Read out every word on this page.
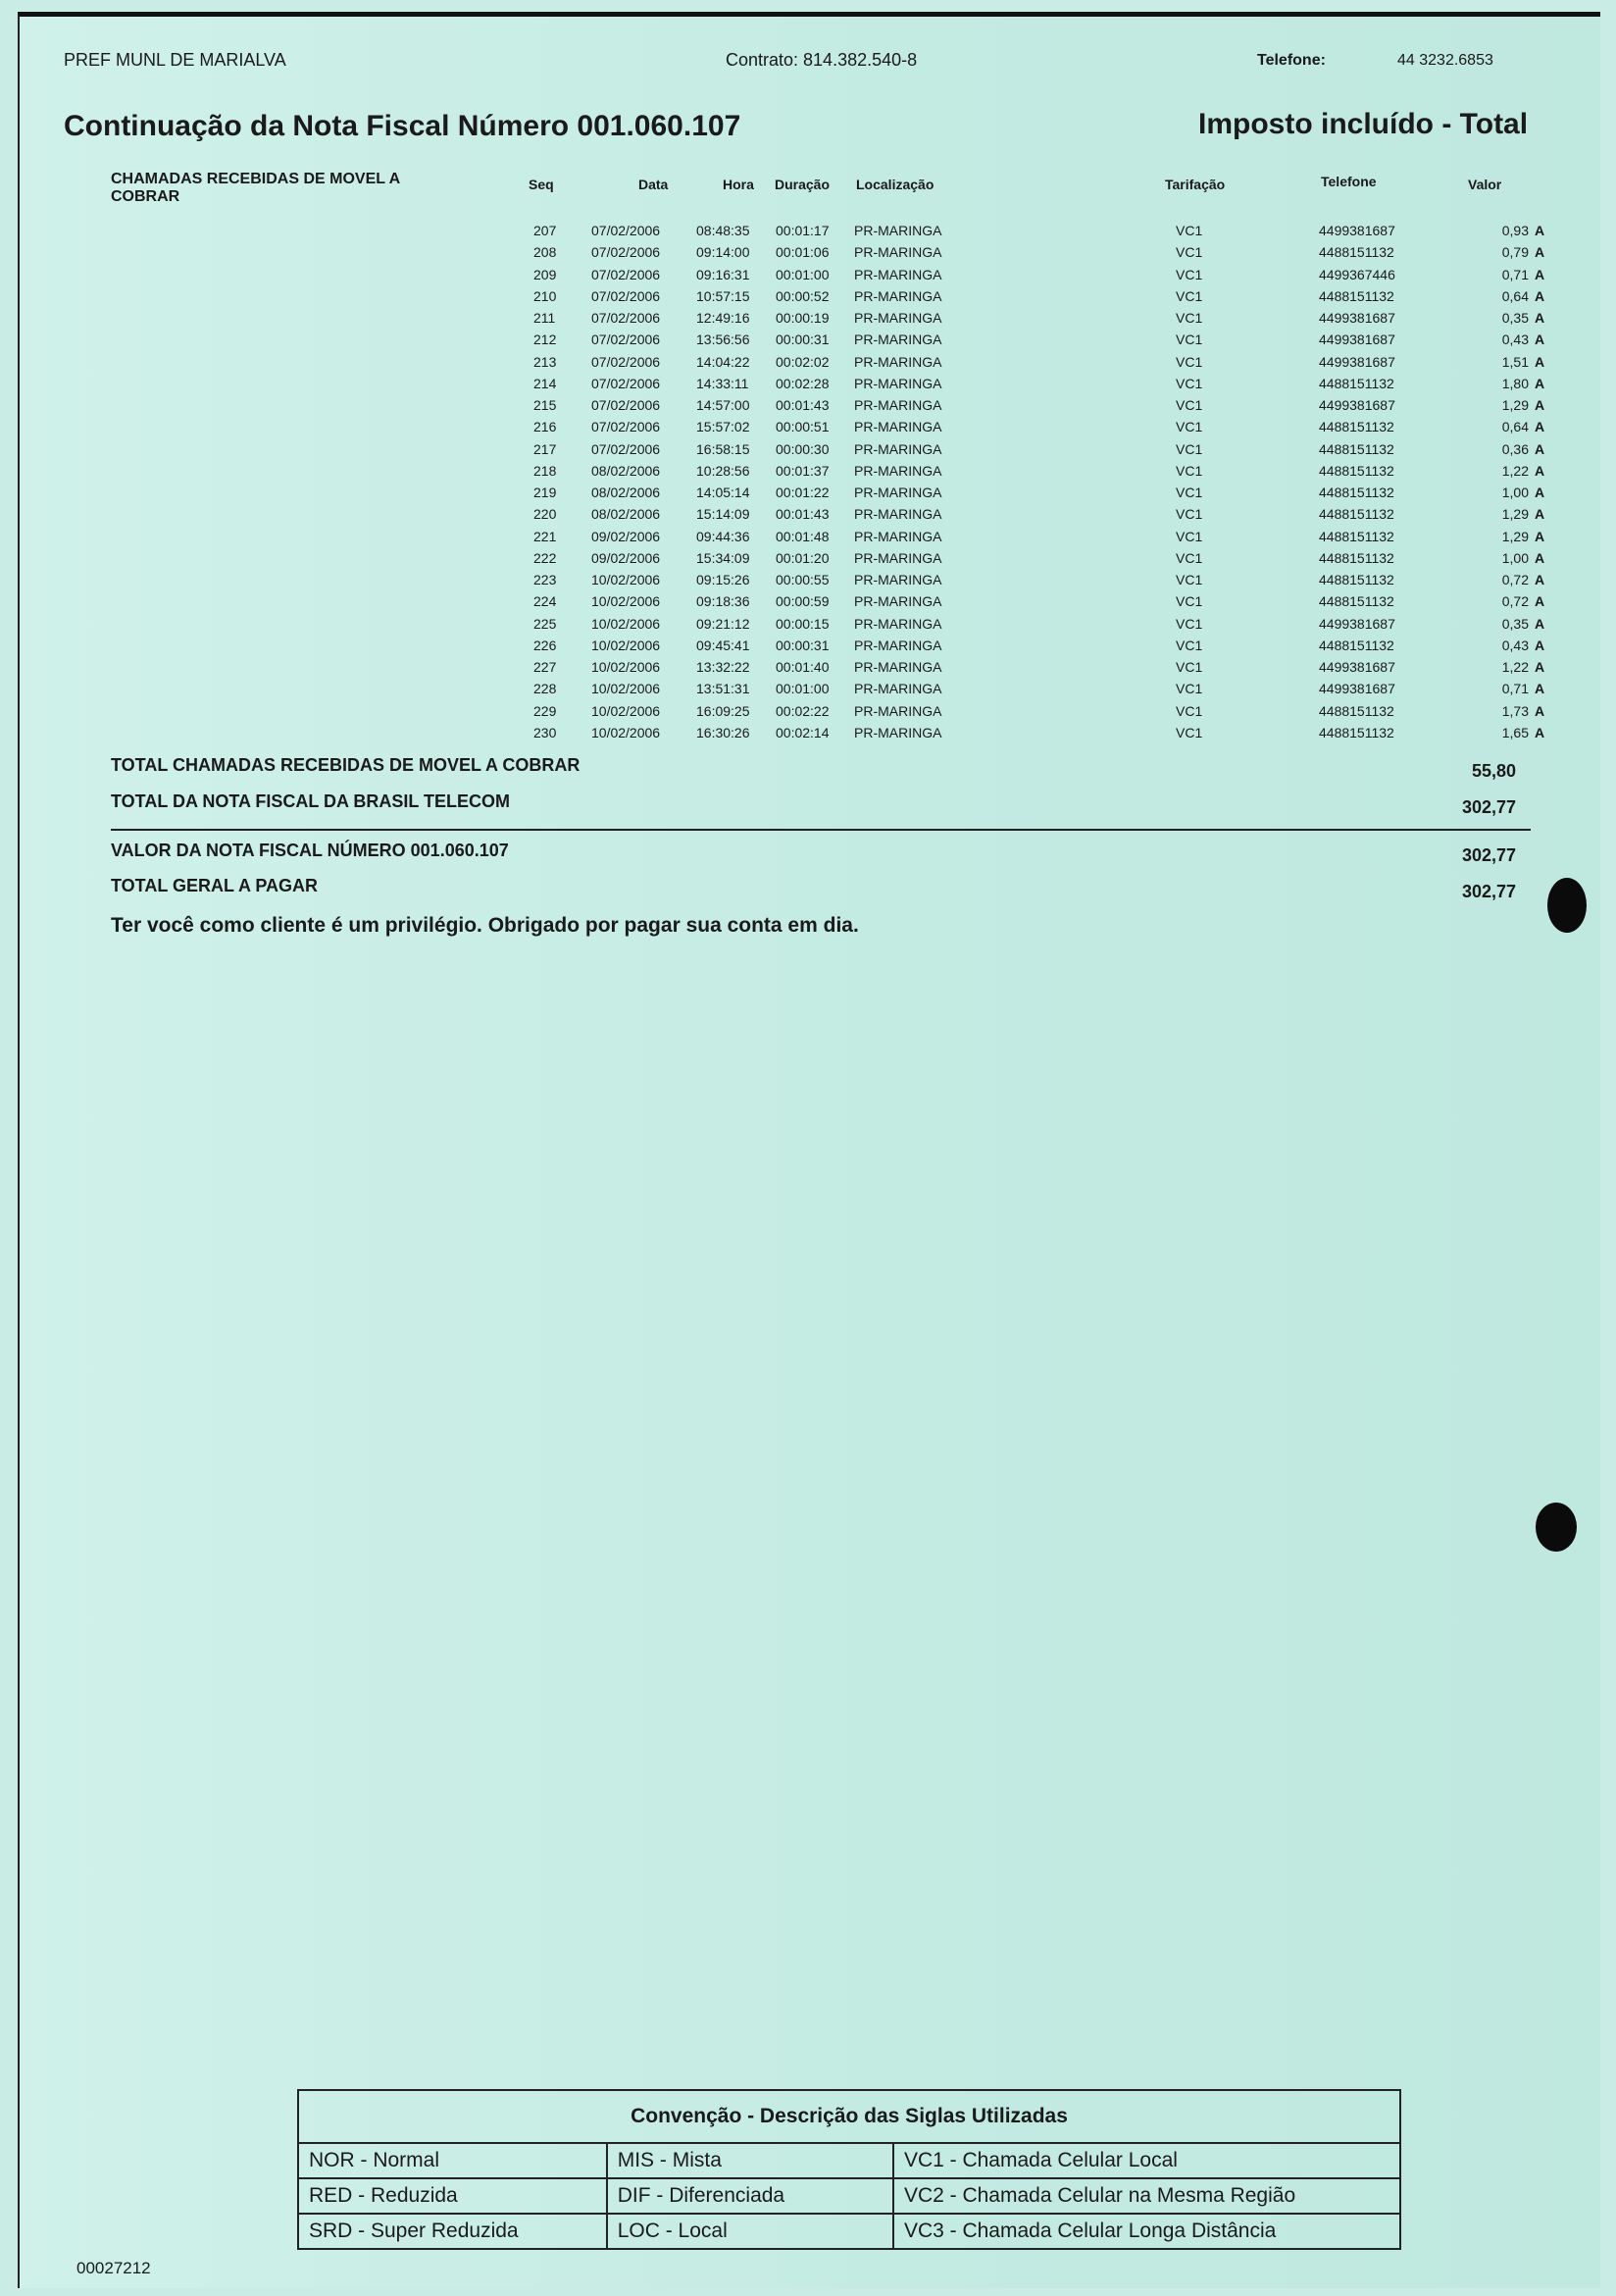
PREF MUNL DE MARIALVA	Contrato: 814.382.540-8	Telefone:	44 3232.6853
Continuação da Nota Fiscal Número 001.060.107	Imposto incluído - Total
CHAMADAS RECEBIDAS DE MOVEL A
COBRAR
Seq	Data	Hora Duração Localização	Tarifação	Telefone	Valor
207	07/02/2006	08:48:35 00:01:17 PR-MARINGA	VC1	4499381687	0,93 A
208	07/02/2006	09:14:00 00:01:06 PR-MARINGA	VC1	4488151132	0,79 A
209	07/02/2006	09:16:31 00:01:00 PR-MARINGA	VC1	4499367446	0,71 A
210	07/02/2006	10:57:15 00:00:52 PR-MARINGA	VC1	4488151132	0,64 A
211	07/02/2006	12:49:16 00:00:19 PR-MARINGA	VC1	4499381687	0,35 A
212	07/02/2006	13:56:56 00:00:31 PR-MARINGA	VC1	4499381687	0,43 A
213	07/02/2006	14:04:22 00:02:02 PR-MARINGA	VC1	4499381687	1,51 A
214	07/02/2006	14:33:11 00:02:28 PR-MARINGA	VC1	4488151132	1,80 A
215	07/02/2006	14:57:00 00:01:43 PR-MARINGA	VC1	4499381687	1,29 A
216	07/02/2006	15:57:02 00:00:51 PR-MARINGA	VC1	4488151132	0,64 A
217	07/02/2006	16:58:15 00:00:30 PR-MARINGA	VC1	4488151132	0,36 A
218	08/02/2006	10:28:56 00:01:37 PR-MARINGA	VC1	4488151132	1,22 A
219	08/02/2006	14:05:14 00:01:22 PR-MARINGA	VC1	4488151132	1,00 A
220	08/02/2006	15:14:09 00:01:43 PR-MARINGA	VC1	4488151132	1,29 A
221	09/02/2006	09:44:36 00:01:48 PR-MARINGA	VC1	4488151132	1,29 A
222	09/02/2006	15:34:09 00:01:20 PR-MARINGA	VC1	4488151132	1,00 A
223	10/02/2006	09:15:26 00:00:55 PR-MARINGA	VC1	4488151132	0,72 A
224	10/02/2006	09:18:36 00:00:59 PR-MARINGA	VC1	4488151132	0,72 A
225	10/02/2006	09:21:12 00:00:15 PR-MARINGA	VC1	4499381687	0,35 A
226	10/02/2006	09:45:41 00:00:31 PR-MARINGA	VC1	4488151132	0,43 A
227	10/02/2006	13:32:22 00:01:40 PR-MARINGA	VC1	4499381687	1,22 A
228	10/02/2006	13:51:31 00:01:00 PR-MARINGA	VC1	4499381687	0,71 A
229	10/02/2006	16:09:25 00:02:22 PR-MARINGA	VC1	4488151132	1,73 A
230	10/02/2006	16:30:26 00:02:14 PR-MARINGA	VC1	4488151132	1,65 A
TOTAL CHAMADAS RECEBIDAS DE MOVEL A COBRAR	55,80
TOTAL DA NOTA FISCAL DA BRASIL TELECOM	302,77
VALOR DA NOTA FISCAL NÚMERO 001.060.107	302,77
TOTAL GERAL A PAGAR	302,77
Ter você como cliente é um privilégio. Obrigado por pagar sua conta em dia.
Convenção - Descrição das Siglas Utilizadas		
NOR - Normal	MIS - Mista	VC1 - Chamada Celular Local
RED - Reduzida	DIF - Diferenciada	VC2 - Chamada Celular na Mesma Região
SRD - Super Reduzida	LOC - Local	VC3 - Chamada Celular Longa Distância
00027212
